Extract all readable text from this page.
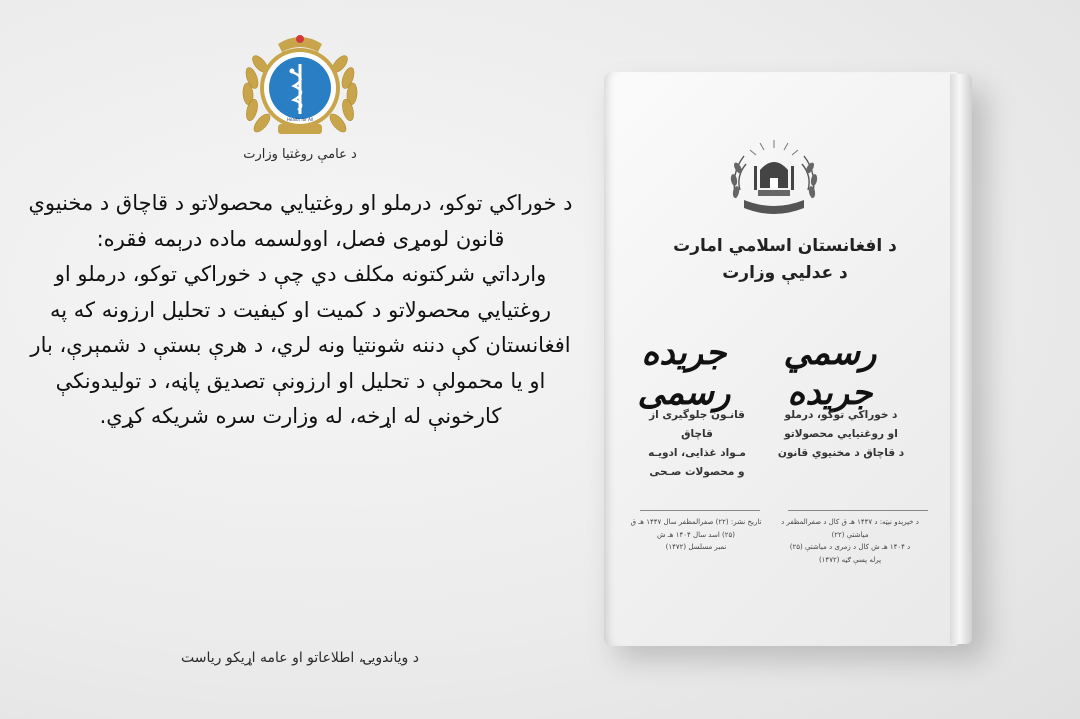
Health for All
د عامې روغتيا وزارت

د خوراکي توکو، درملو او روغتيايي محصولاتو د قاچاق د مخنيوي قانون لومړی فصل، اوولسمه ماده درېمه فقره:

وارداتي شرکتونه مکلف دي چې د خوراکي توکو، درملو او روغتيايي محصولاتو د کميت او کيفيت د تحليل ارزونه که په افغانستان کې دننه شونتيا ونه لري، د هرې بستې د شمېرې، بار او يا محمولې د تحليل او ارزونې تصديق پاڼه، د توليدونکې کارخونې له اړخه، له وزارت سره شريکه کړي.

د وياندويۍ، اطلاعاتو او عامه اړيکو رياست
د افغانستان اسلامي امارت
د عدلیې وزارت
رسمي جريده
جريده رسمی
د خوراکي توکو، درملو
او روغتيايي محصولاتو
د قاچاق د مخنيوي قانون
قانـون جلوگيری از قاچاق
مـواد غذايی، ادويـه
و محصولات صـحی
د خپرېدو نېټه: د ۱۴۴۷ هـ ق کال د صفرالمظفر د مياشتې (۲۲)
د ۱۴۰۴ هـ ش کال د زمری د مياشتې (۲۵)
پرله پسې ګڼه (۱۴۷۲)
تاريخ نشر: (۲۲) صفرالمظفر سال ۱۴۴۷ هـ ق
(۲۵) اسد سال ۱۴۰۴ هـ ش
نمبر مسلسل (۱۴۷۲)
